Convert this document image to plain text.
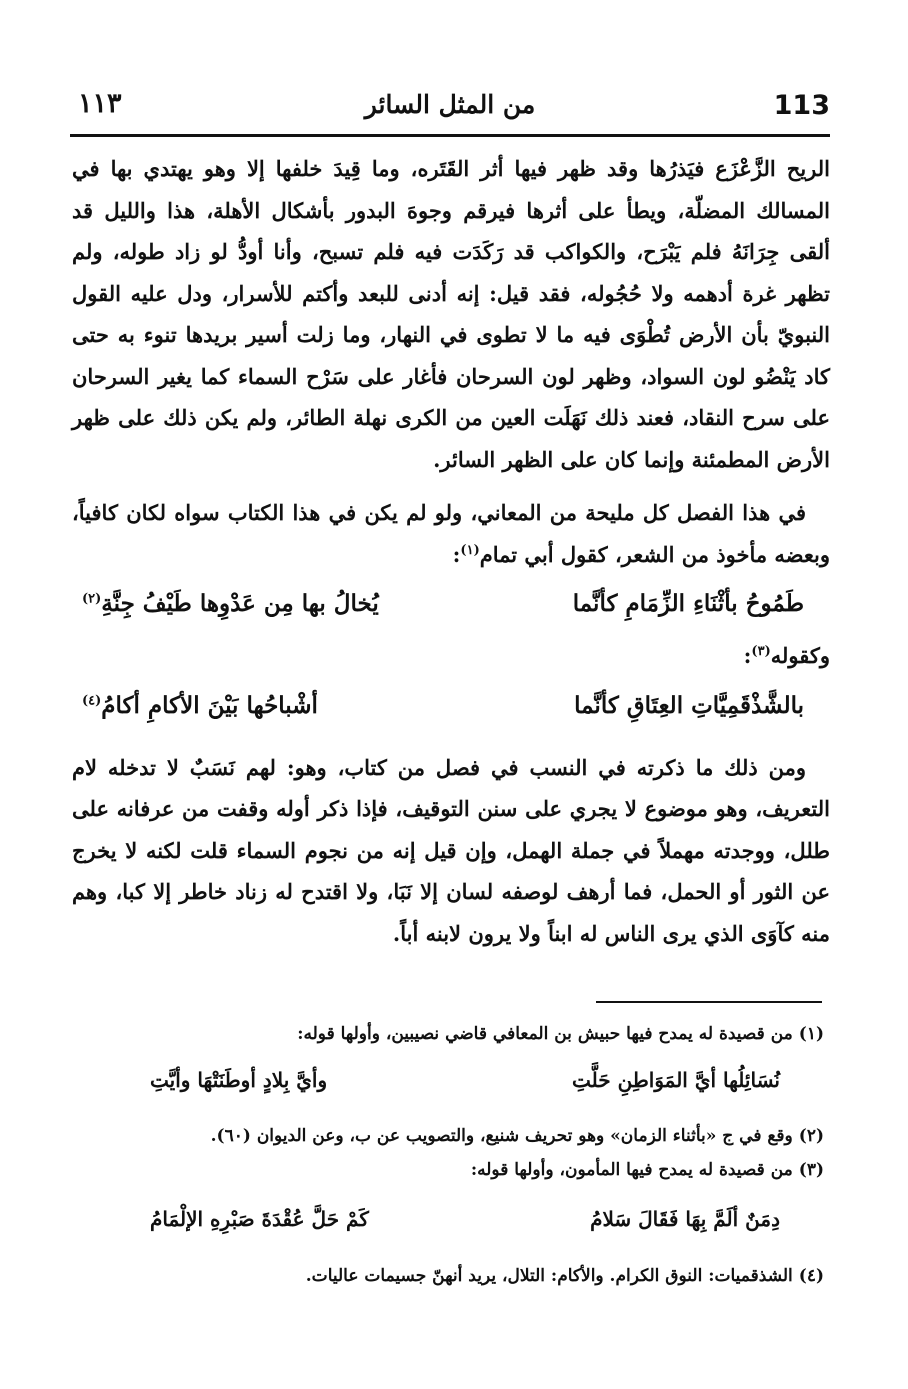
113
من المثل السائر
١١٣

الريح الزَّعْزَع فيَذرُها وقد ظهر فيها أثر القَتَره، وما قِيدَ خلفها إلا وهو يهتدي بها في المسالك المضلّة، ويطأ على أثرها فيرقم وجوهَ البدور بأشكال الأهلة، هذا والليل قد ألقى جِرَانَهُ فلم يَبْرَح، والكواكب قد رَكَدَت فيه فلم تسبح، وأنا أودُّ لو زاد طوله، ولم تظهر غرة أدهمه ولا حُجُوله، فقد قيل: إنه أدنى للبعد وأكتم للأسرار، ودل عليه القول النبويّ بأن الأرض تُطْوَى فيه ما لا تطوى في النهار، وما زلت أسير بريدها تنوء به حتى كاد يَنْضُو لون السواد، وظهر لون السرحان فأغار على سَرْح السماء كما يغير السرحان على سرح النقاد، فعند ذلك نَهَلَت العين من الكرى نهلة الطائر، ولم يكن ذلك على ظهر الأرض المطمئنة وإنما كان على الظهر السائر.

في هذا الفصل كل مليحة من المعاني، ولو لم يكن في هذا الكتاب سواه لكان كافياً، وبعضه مأخوذ من الشعر، كقول أبي تمام$^{(١)}$:

طَمُوحُ بأثْنَاءِ الزِّمَامِ كأنَّما
يُخالُ بها مِن عَدْوِها طَيْفُ جِنَّةِ$^{(٢)}$

وكقوله$^{(٣)}$:

بالشَّذْقَمِيَّاتِ العِتَاقِ كأنَّما
أشْباحُها بَيْنَ الأكامِ أكامُ$^{(٤)}$

ومن ذلك ما ذكرته في النسب في فصل من كتاب، وهو: لهم نَسَبٌ لا تدخله لام التعريف، وهو موضوع لا يجري على سنن التوقيف، فإذا ذكر أوله وقفت من عرفانه على طلل، ووجدته مهملاً في جملة الهمل، وإن قيل إنه من نجوم السماء قلت لكنه لا يخرج عن الثور أو الحمل، فما أرهف لوصفه لسان إلا نَبَا، ولا اقتدح له زناد خاطر إلا كبا، وهم منه كآوَى الذي يرى الناس له ابناً ولا يرون لابنه أباً.

(١)من قصيدة له يمدح فيها حبيش بن المعافي قاضي نصيبين، وأولها قوله:
نُسَائِلُها أيَّ المَوَاطِنِ حَلَّتِ
وأيَّ بِلادٍ أوطَنَتْهَا وأيَّتِ
(٢)وقع في ج «بأثناء الزمان» وهو تحريف شنيع، والتصويب عن ب، وعن الديوان (٦٠).
(٣)من قصيدة له يمدح فيها المأمون، وأولها قوله:
دِمَنٌ ألَمَّ بِهَا فَقَالَ سَلامُ
كَمْ حَلَّ عُقْدَةَ صَبْرِهِ الإلْمَامُ
(٤)الشذقميات: النوق الكرام. والأكام: التلال، يريد أنهنّ جسيمات عاليات.
